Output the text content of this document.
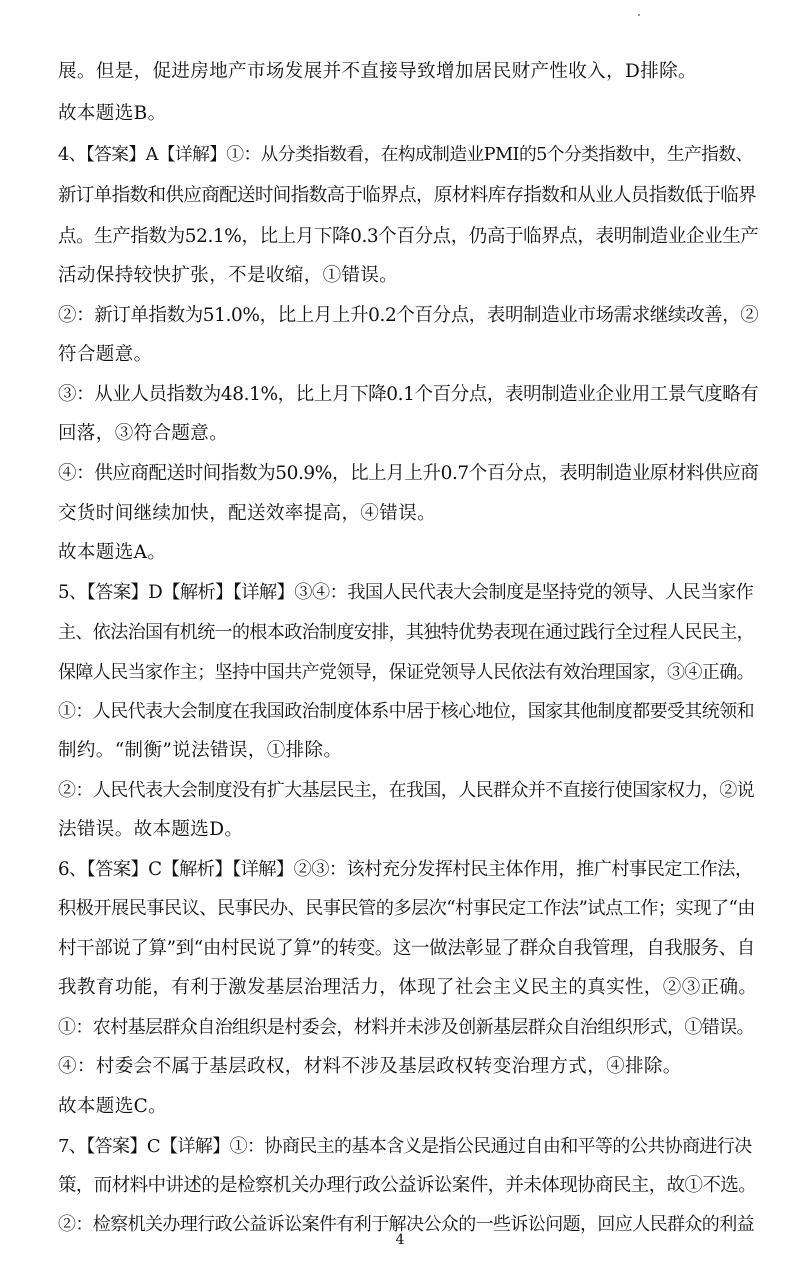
展。但是，促进房地产市场发展并不直接导致增加居民财产性收入，D排除。
故本题选B。
4、【答案】A【详解】①：从分类指数看，在构成制造业PMI的5个分类指数中，生产指数、
新订单指数和供应商配送时间指数高于临界点，原材料库存指数和从业人员指数低于临界
点。生产指数为52.1%，比上月下降0.3个百分点，仍高于临界点，表明制造业企业生产
活动保持较快扩张，不是收缩，①错误。
②：新订单指数为51.0%，比上月上升0.2个百分点，表明制造业市场需求继续改善，②
符合题意。
③：从业人员指数为48.1%，比上月下降0.1个百分点，表明制造业企业用工景气度略有
回落，③符合题意。
④：供应商配送时间指数为50.9%，比上月上升0.7个百分点，表明制造业原材料供应商
交货时间继续加快，配送效率提高，④错误。
故本题选A。
5、【答案】D【解析】【详解】③④：我国人民代表大会制度是坚持党的领导、人民当家作
主、依法治国有机统一的根本政治制度安排，其独特优势表现在通过践行全过程人民民主，
保障人民当家作主；坚持中国共产党领导，保证党领导人民依法有效治理国家，③④正确。
①：人民代表大会制度在我国政治制度体系中居于核心地位，国家其他制度都要受其统领和
制约。“制衡”说法错误，①排除。
②：人民代表大会制度没有扩大基层民主，在我国，人民群众并不直接行使国家权力，②说
法错误。故本题选D。
6、【答案】C【解析】【详解】②③：该村充分发挥村民主体作用，推广村事民定工作法，
积极开展民事民议、民事民办、民事民管的多层次“村事民定工作法”试点工作；实现了“由
村干部说了算”到“由村民说了算”的转变。这一做法彰显了群众自我管理，自我服务、自
我教育功能，有利于激发基层治理活力，体现了社会主义民主的真实性，②③正确。
①：农村基层群众自治组织是村委会，材料并未涉及创新基层群众自治组织形式，①错误。
④：村委会不属于基层政权，材料不涉及基层政权转变治理方式，④排除。
故本题选C。
7、【答案】C【详解】①：协商民主的基本含义是指公民通过自由和平等的公共协商进行决
策，而材料中讲述的是检察机关办理行政公益诉讼案件，并未体现协商民主，故①不选。
②：检察机关办理行政公益诉讼案件有利于解决公众的一些诉讼问题，回应人民群众的利益
4
